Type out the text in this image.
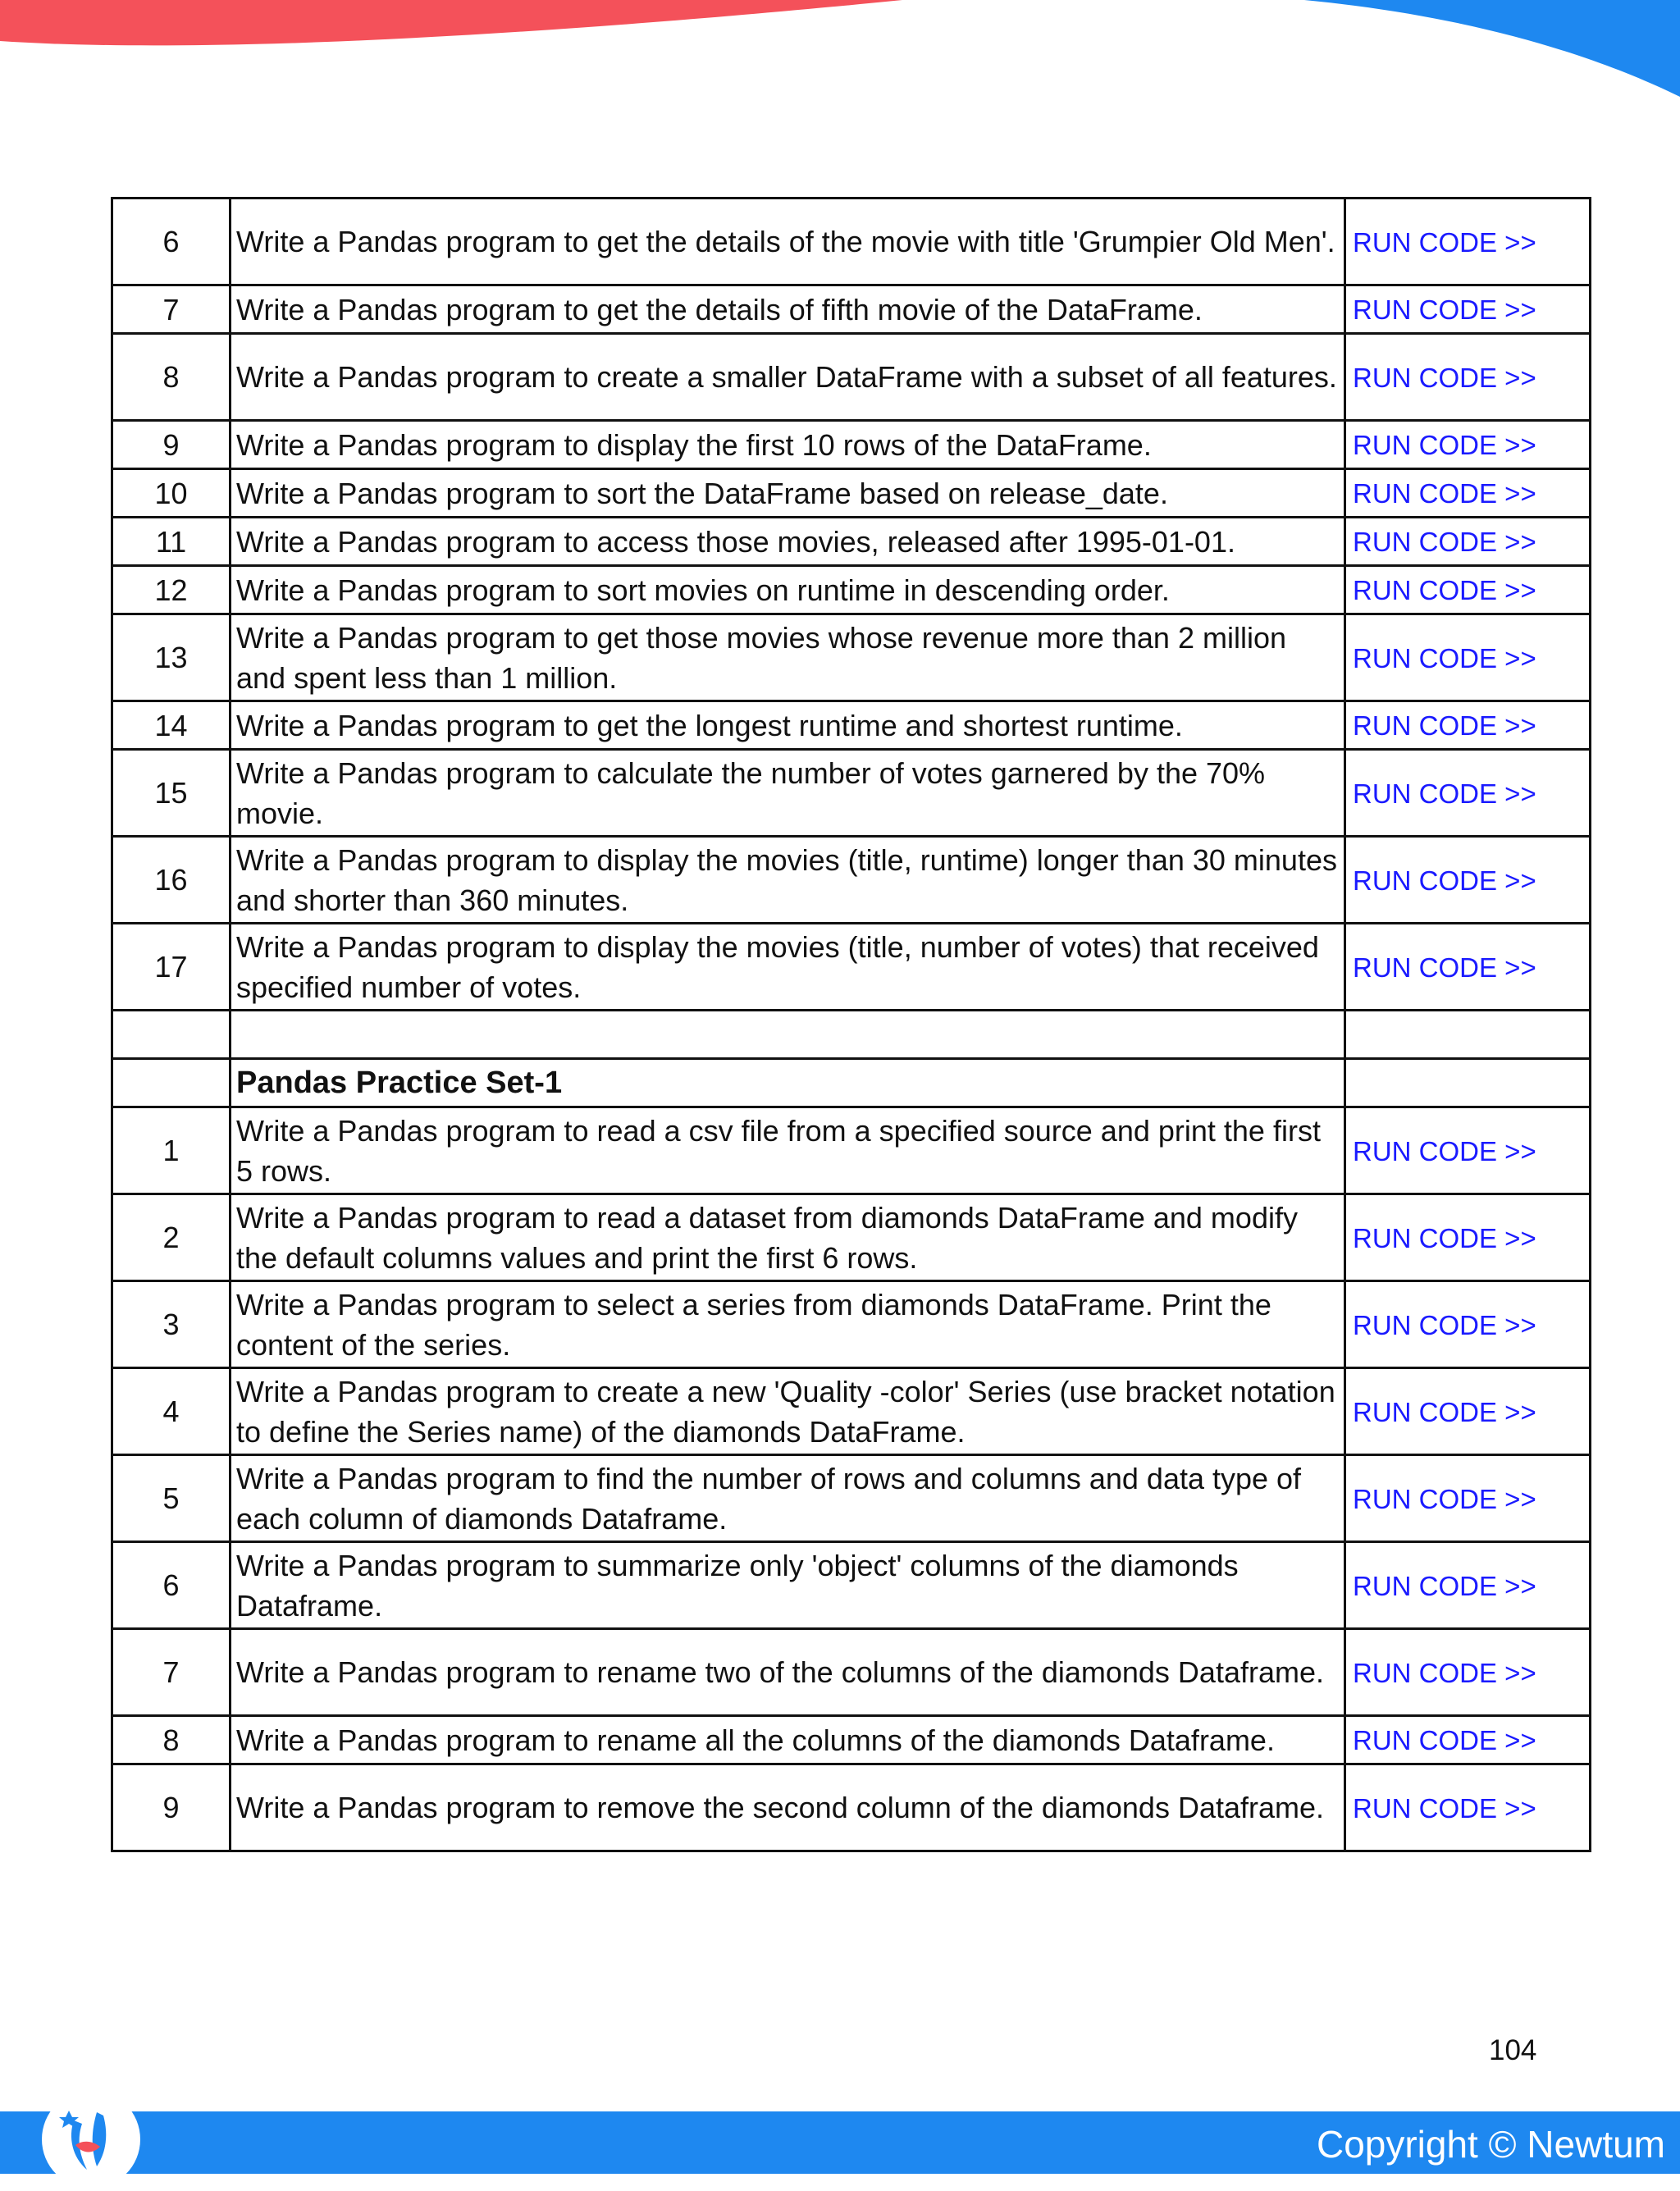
6	Write a Pandas program to get the details of the movie with title 'Grumpier Old Men'.	RUN CODE >>
7	Write a Pandas program to get the details of fifth movie of the DataFrame.	RUN CODE >>
8	Write a Pandas program to create a smaller DataFrame with a subset of all features.	RUN CODE >>
9	Write a Pandas program to display the first 10 rows of the DataFrame.	RUN CODE >>
10	Write a Pandas program to sort the DataFrame based on release_date.	RUN CODE >>
11	Write a Pandas program to access those movies, released after 1995-01-01.	RUN CODE >>
12	Write a Pandas program to sort movies on runtime in descending order.	RUN CODE >>
13	Write a Pandas program to get those movies whose revenue more than 2 million and spent less than 1 million.	RUN CODE >>
14	Write a Pandas program to get the longest runtime and shortest runtime.	RUN CODE >>
15	Write a Pandas program to calculate the number of votes garnered by the 70% movie.	RUN CODE >>
16	Write a Pandas program to display the movies (title, runtime) longer than 30 minutes and shorter than 360 minutes.	RUN CODE >>
17	Write a Pandas program to display the movies (title, number of votes) that received specified number of votes.	RUN CODE >>

	Pandas Practice Set-1	
1	Write a Pandas program to read a csv file from a specified source and print the first 5 rows.	RUN CODE >>
2	Write a Pandas program to read a dataset from diamonds DataFrame and modify the default columns values and print the first 6 rows.	RUN CODE >>
3	Write a Pandas program to select a series from diamonds DataFrame. Print the content of the series.	RUN CODE >>
4	Write a Pandas program to create a new 'Quality -color' Series (use bracket notation to define the Series name) of the diamonds DataFrame.	RUN CODE >>
5	Write a Pandas program to find the number of rows and columns and data type of each column of diamonds Dataframe.	RUN CODE >>
6	Write a Pandas program to summarize only 'object' columns of the diamonds Dataframe.	RUN CODE >>
7	Write a Pandas program to rename two of the columns of the diamonds Dataframe.	RUN CODE >>
8	Write a Pandas program to rename all the columns of the diamonds Dataframe.	RUN CODE >>
9	Write a Pandas program to remove the second column of the diamonds Dataframe.	RUN CODE >>
104
Copyright © Newtum
